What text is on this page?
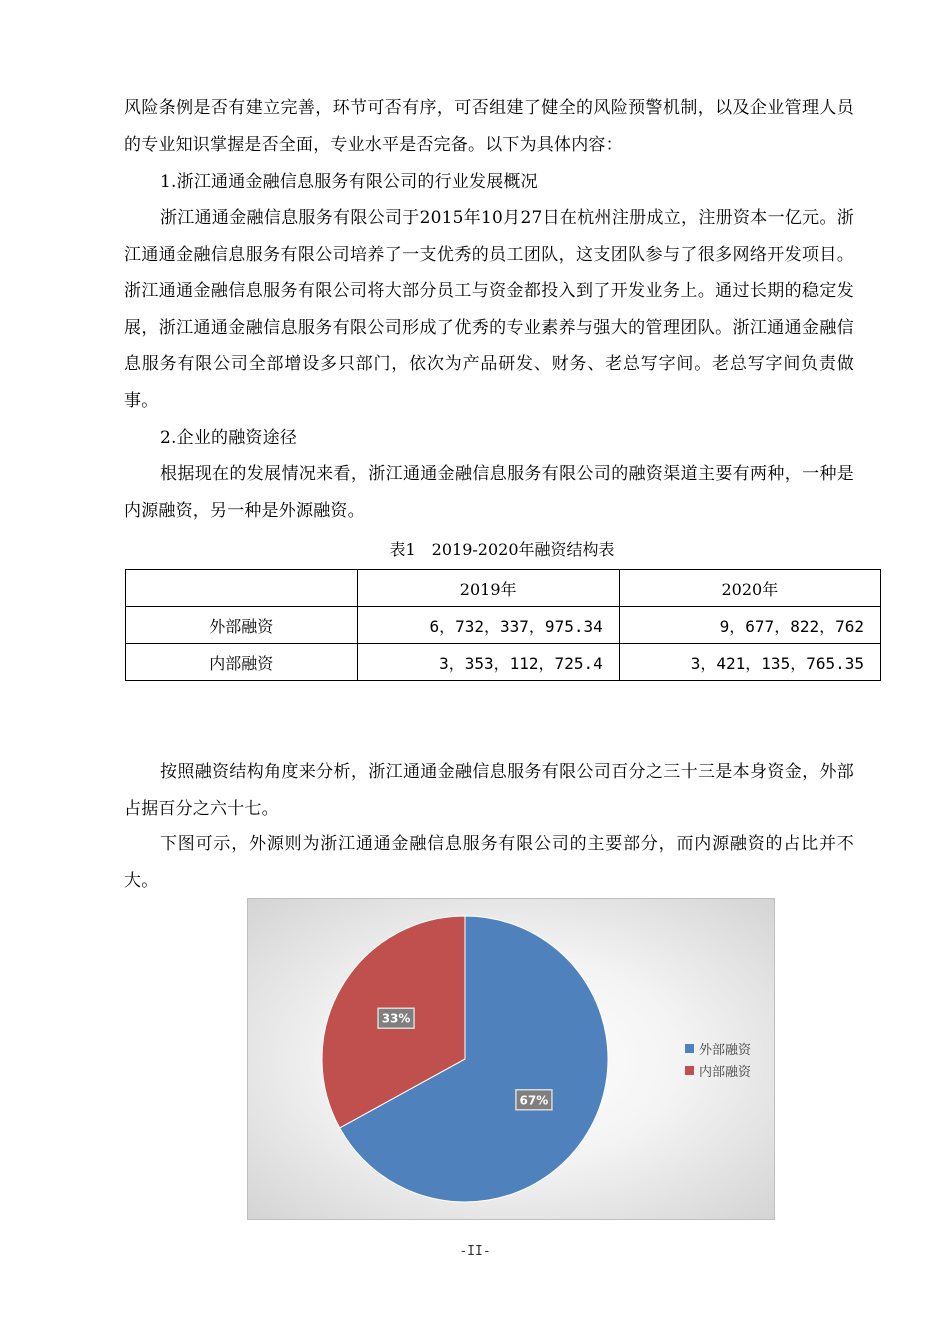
风险条例是否有建立完善，环节可否有序，可否组建了健全的风险预警机制，以及企业管理人员的专业知识掌握是否全面，专业水平是否完备。以下为具体内容：

1.浙江通通金融信息服务有限公司的行业发展概况

浙江通通金融信息服务有限公司于2015年10月27日在杭州注册成立，注册资本一亿元。浙江通通金融信息服务有限公司培养了一支优秀的员工团队，这支团队参与了很多网络开发项目。浙江通通金融信息服务有限公司将大部分员工与资金都投入到了开发业务上。通过长期的稳定发展，浙江通通金融信息服务有限公司形成了优秀的专业素养与强大的管理团队。浙江通通金融信息服务有限公司全部增设多只部门，依次为产品研发、财务、老总写字间。老总写字间负责做事。

2.企业的融资途径

根据现在的发展情况来看，浙江通通金融信息服务有限公司的融资渠道主要有两种，一种是内源融资，另一种是外源融资。

表1　2019-2020年融资结构表
	2019年	2020年
外部融资	6，732，337，975.34	9，677，822，762
内部融资	3，353，112，725.4	3，421，135，765.35

按照融资结构角度来分析，浙江通通金融信息服务有限公司百分之三十三是本身资金，外部占据百分之六十七。

下图可示，外源则为浙江通通金融信息服务有限公司的主要部分，而内源融资的占比并不大。

67%
33%
外部融资
内部融资
-II-
